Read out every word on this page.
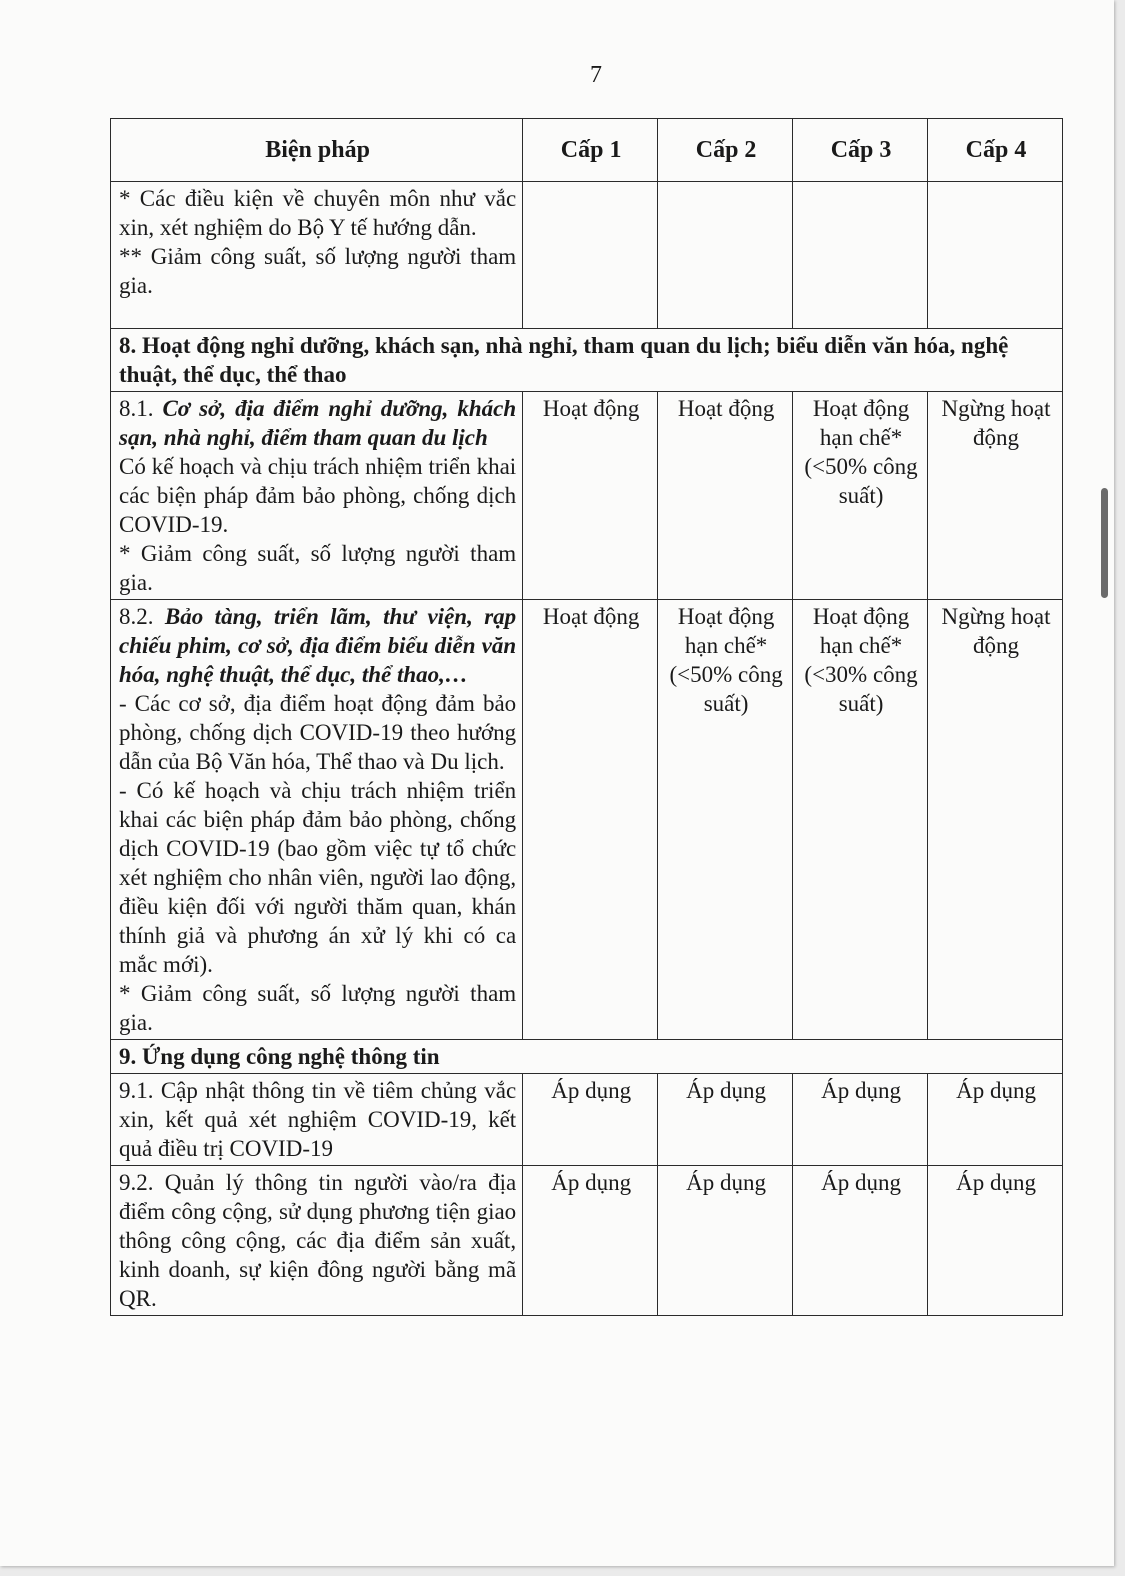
7
Biện pháp	Cấp 1	Cấp 2	Cấp 3	Cấp 4

* Các điều kiện về chuyên môn như vắc xin, xét nghiệm do Bộ Y tế hướng dẫn.
** Giảm công suất, số lượng người tham gia.				

8. Hoạt động nghỉ dưỡng, khách sạn, nhà nghỉ, tham quan du lịch; biểu diễn văn hóa, nghệ thuật, thể dục, thể thao				
8.1. Cơ sở, địa điểm nghỉ dưỡng, khách sạn, nhà nghỉ, điểm tham quan du lịch
Có kế hoạch và chịu trách nhiệm triển khai các biện pháp đảm bảo phòng, chống dịch COVID-19.
* Giảm công suất, số lượng người tham gia.	Hoạt động	Hoạt động	Hoạt động hạn chế* (<50% công suất)	Ngừng hoạt động
8.2. Bảo tàng, triển lãm, thư viện, rạp chiếu phim, cơ sở, địa điểm biểu diễn văn hóa, nghệ thuật, thể dục, thể thao,…
- Các cơ sở, địa điểm hoạt động đảm bảo phòng, chống dịch COVID-19 theo hướng dẫn của Bộ Văn hóa, Thể thao và Du lịch.
- Có kế hoạch và chịu trách nhiệm triển khai các biện pháp đảm bảo phòng, chống dịch COVID-19 (bao gồm việc tự tổ chức xét nghiệm cho nhân viên, người lao động, điều kiện đối với người thăm quan, khán thính giả và phương án xử lý khi có ca mắc mới).
* Giảm công suất, số lượng người tham gia.	Hoạt động	Hoạt động hạn chế* (<50% công suất)	Hoạt động hạn chế* (<30% công suất)	Ngừng hoạt động
9. Ứng dụng công nghệ thông tin				
9.1. Cập nhật thông tin về tiêm chủng vắc xin, kết quả xét nghiệm COVID-19, kết quả điều trị COVID-19	Áp dụng	Áp dụng	Áp dụng	Áp dụng
9.2. Quản lý thông tin người vào/ra địa điểm công cộng, sử dụng phương tiện giao thông công cộng, các địa điểm sản xuất, kinh doanh, sự kiện đông người bằng mã QR.	Áp dụng	Áp dụng	Áp dụng	Áp dụng
